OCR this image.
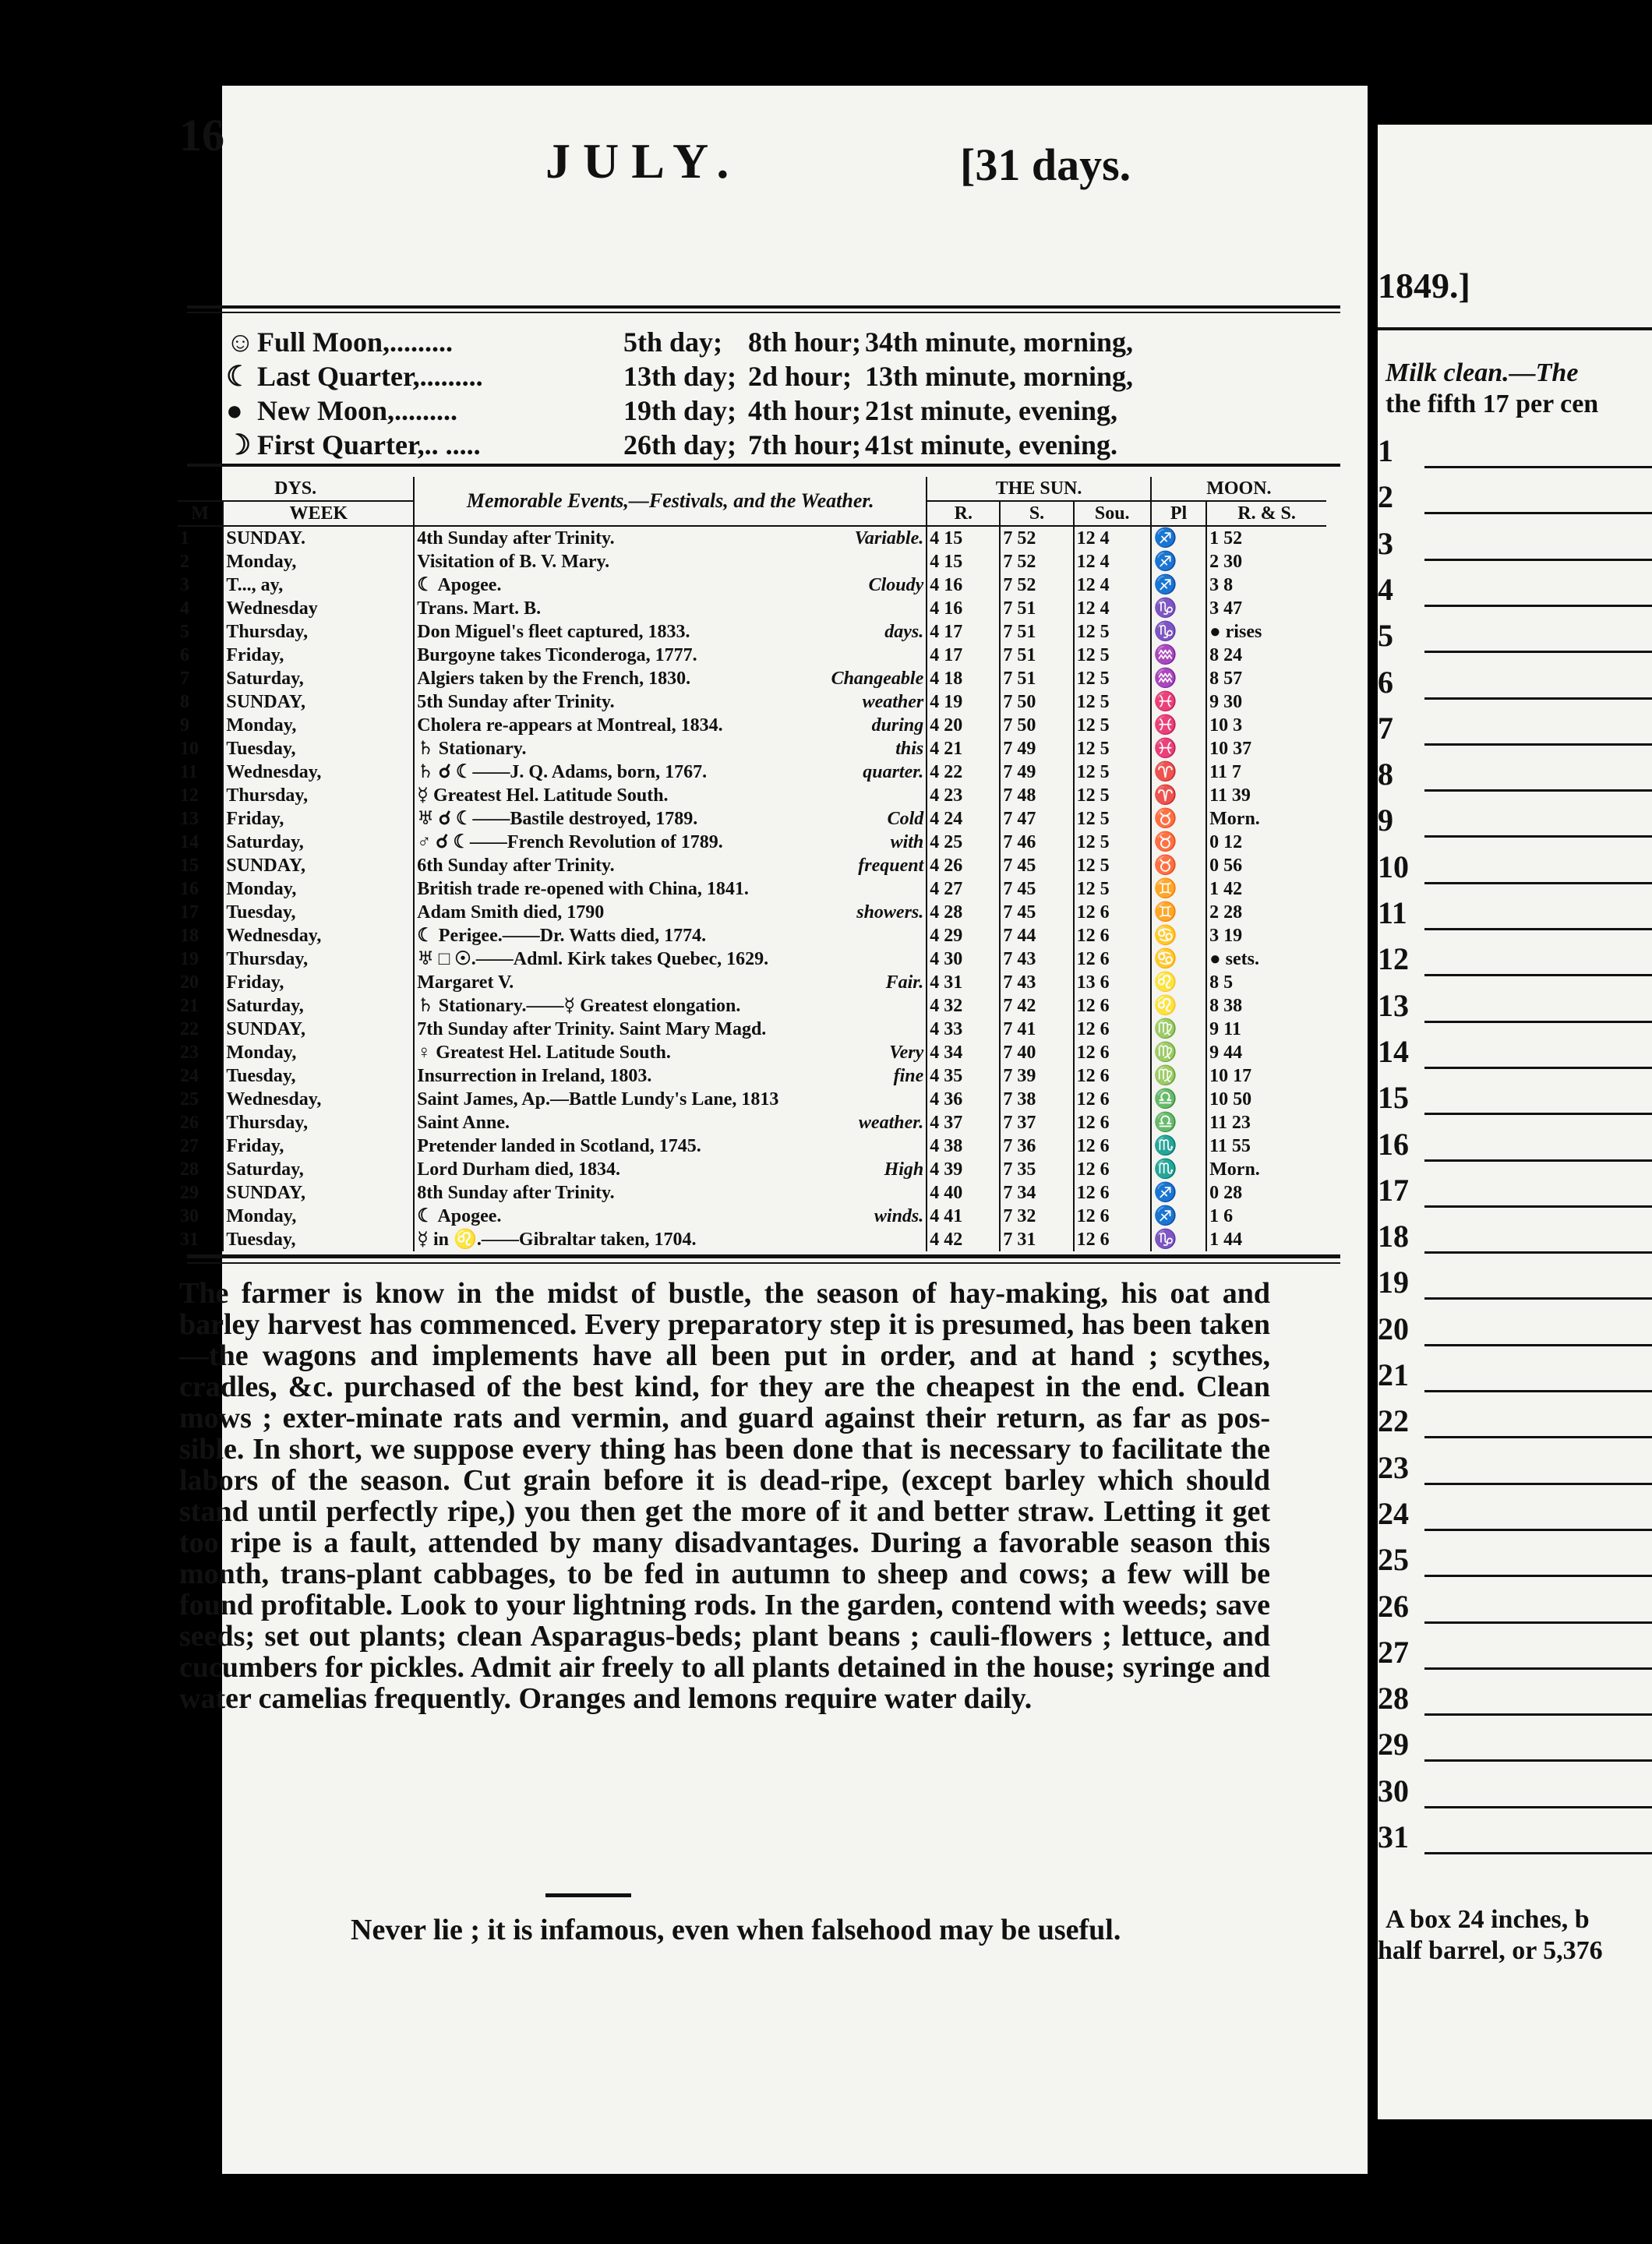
16	JULY.	[31 days.
☺Full Moon,.........	5th day; 8th hour; 34th minute, morning,
☾ Last Quarter,.........	13th day; 2d hour; 13th minute, morning,
● New Moon,.........	19th day; 4th hour; 21st minute, evening,
☽ First Quarter,.. .....	26th day; 7th hour; 41st minute, evening.
DYS.		Memorable Events,—Festivals, and the Weather.	THE SUN.			MOON.	
M	WEEK		R.	S.	Sou.	Pl	R. & S.
1	SUNDAY.	4th Sunday after Trinity. Variable.	4 15	7 52	12 4	♐	1 52
2	Monday,	Visitation of B. V. Mary.	4 15	7 52	12 4	♐	2 30
3	T..., ay,	☾ Apogee. Cloudy	4 16	7 52	12 4	♐	3 8
4	Wednesday	Trans. Mart. B.	4 16	7 51	12 4	♑	3 47
5	Thursday,	Don Miguel's fleet captured, 1833. days.	4 17	7 51	12 5	♑	● rises
6	Friday,	Burgoyne takes Ticonderoga, 1777.	4 17	7 51	12 5	♒	8 24
7	Saturday,	Algiers taken by the French, 1830. Changeable	4 18	7 51	12 5	♒	8 57
8	SUNDAY,	5th Sunday after Trinity. weather	4 19	7 50	12 5	♓	9 30
9	Monday,	Cholera re-appears at Montreal, 1834. during	4 20	7 50	12 5	♓	10 3
10	Tuesday,	♄ Stationary. this	4 21	7 49	12 5	♓	10 37
11	Wednesday,	♄ ☌ ☾——J. Q. Adams, born, 1767. quarter.	4 22	7 49	12 5	♈	11 7
12	Thursday,	☿ Greatest Hel. Latitude South.	4 23	7 48	12 5	♈	11 39
13	Friday,	♅ ☌ ☾——Bastile destroyed, 1789. Cold	4 24	7 47	12 5	♉	Morn.
14	Saturday,	♂ ☌ ☾——French Revolution of 1789. with	4 25	7 46	12 5	♉	0 12
15	SUNDAY,	6th Sunday after Trinity. frequent	4 26	7 45	12 5	♉	0 56
16	Monday,	British trade re-opened with China, 1841.	4 27	7 45	12 5	♊	1 42
17	Tuesday,	Adam Smith died, 1790 showers.	4 28	7 45	12 6	♊	2 28
18	Wednesday,	☾ Perigee.——Dr. Watts died, 1774.	4 29	7 44	12 6	♋	3 19
19	Thursday,	♅ □ ☉.——Adml. Kirk takes Quebec, 1629.	4 30	7 43	12 6	♋	● sets.
20	Friday,	Margaret V. Fair.	4 31	7 43	13 6	♌	8 5
21	Saturday,	♄ Stationary.——☿ Greatest elongation.	4 32	7 42	12 6	♌	8 38
22	SUNDAY,	7th Sunday after Trinity. Saint Mary Magd.	4 33	7 41	12 6	♍	9 11
23	Monday,	♀ Greatest Hel. Latitude South. Very	4 34	7 40	12 6	♍	9 44
24	Tuesday,	Insurrection in Ireland, 1803. fine	4 35	7 39	12 6	♍	10 17
25	Wednesday,	Saint James, Ap.—Battle Lundy's Lane, 1813	4 36	7 38	12 6	♎	10 50
26	Thursday,	Saint Anne. weather.	4 37	7 37	12 6	♎	11 23
27	Friday,	Pretender landed in Scotland, 1745.	4 38	7 36	12 6	♏	11 55
28	Saturday,	Lord Durham died, 1834. High	4 39	7 35	12 6	♏	Morn.
29	SUNDAY,	8th Sunday after Trinity.	4 40	7 34	12 6	♐	0 28
30	Monday,	☾ Apogee. winds.	4 41	7 32	12 6	♐	1 6
31	Tuesday,	☿ in ♌.——Gibraltar taken, 1704.	4 42	7 31	12 6	♑	1 44
The farmer is know in the midst of bustle, the season of hay-making, his oat and barley harvest has commenced. Every preparatory step it is presumed, has been taken—the wagons and implements have all been put in order, and at hand ; scythes, cradles, &c. purchased of the best kind, for they are the cheapest in the end. Clean mows ; exter-minate rats and vermin, and guard against their return, as far as pos-sible. In short, we suppose every thing has been done that is necessary to facilitate the labors of the season. Cut grain before it is dead-ripe, (except barley which should stand until perfectly ripe,) you then get the more of it and better straw. Letting it get too ripe is a fault, attended by many disadvantages. During a favorable season this month, trans-plant cabbages, to be fed in autumn to sheep and cows; a few will be found profitable. Look to your lightning rods. In the garden, contend with weeds; save seeds; set out plants; clean Asparagus-beds; plant beans ; cauli-flowers ; lettuce, and cucumbers for pickles. Admit air freely to all plants detained in the house; syringe and water camelias frequently. Oranges and lemons require water daily.
Never lie ; it is infamous, even when falsehood may be useful.
1849.]
Milk clean.—The
the fifth 17 per cen
1
2
3
4
5
6
7
8
9
10
11
12
13
14
15
16
17
18
19
20
21
22
23
24
25
26
27
28
29
30
31
A box 24 inches, b
half barrel, or 5,376
